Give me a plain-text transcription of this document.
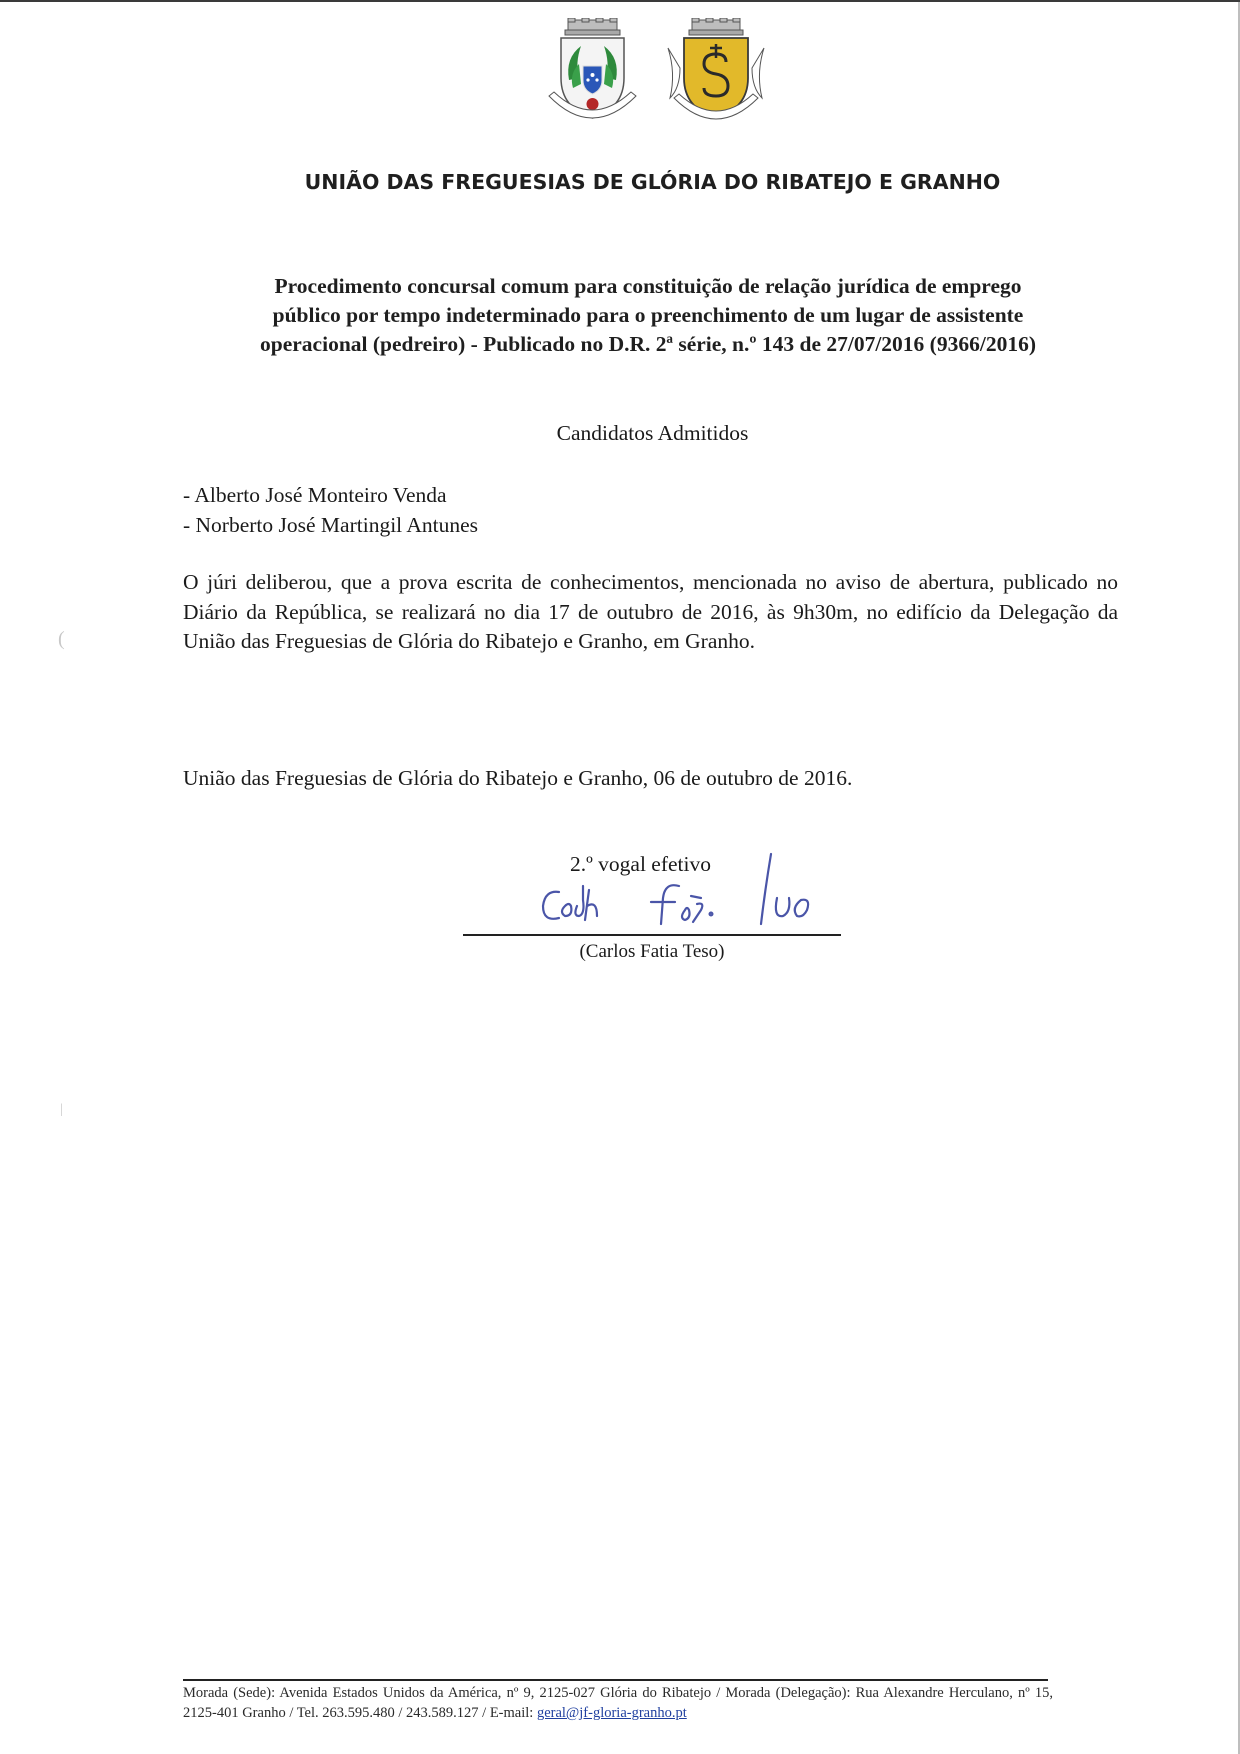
UNIÃO DAS FREGUESIAS DE GLÓRIA DO RIBATEJO E GRANHO
Procedimento concursal comum para constituição de relação jurídica de emprego
público por tempo indeterminado para o preenchimento de um lugar de assistente
operacional (pedreiro) - Publicado no D.R. 2ª série, n.º 143 de 27/07/2016 (9366/2016)
Candidatos Admitidos
- Alberto José Monteiro Venda
- Norberto José Martingil Antunes

O júri deliberou, que a prova escrita de conhecimentos, mencionada no aviso de abertura, publicado no Diário da República, se realizará no dia 17 de outubro de 2016, às 9h30m, no edifício da Delegação da União das Freguesias de Glória do Ribatejo e Granho, em Granho.

(
União das Freguesias de Glória do Ribatejo e Granho, 06 de outubro de 2016.
2.º vogal efetivo
(Carlos Fatia Teso)
|
Morada (Sede): Avenida Estados Unidos da América, nº 9, 2125-027 Glória do Ribatejo / Morada (Delegação): Rua Alexandre Herculano, nº 15, 2125-401 Granho / Tel. 263.595.480 / 243.589.127 / E-mail: geral@jf-gloria-granho.pt
